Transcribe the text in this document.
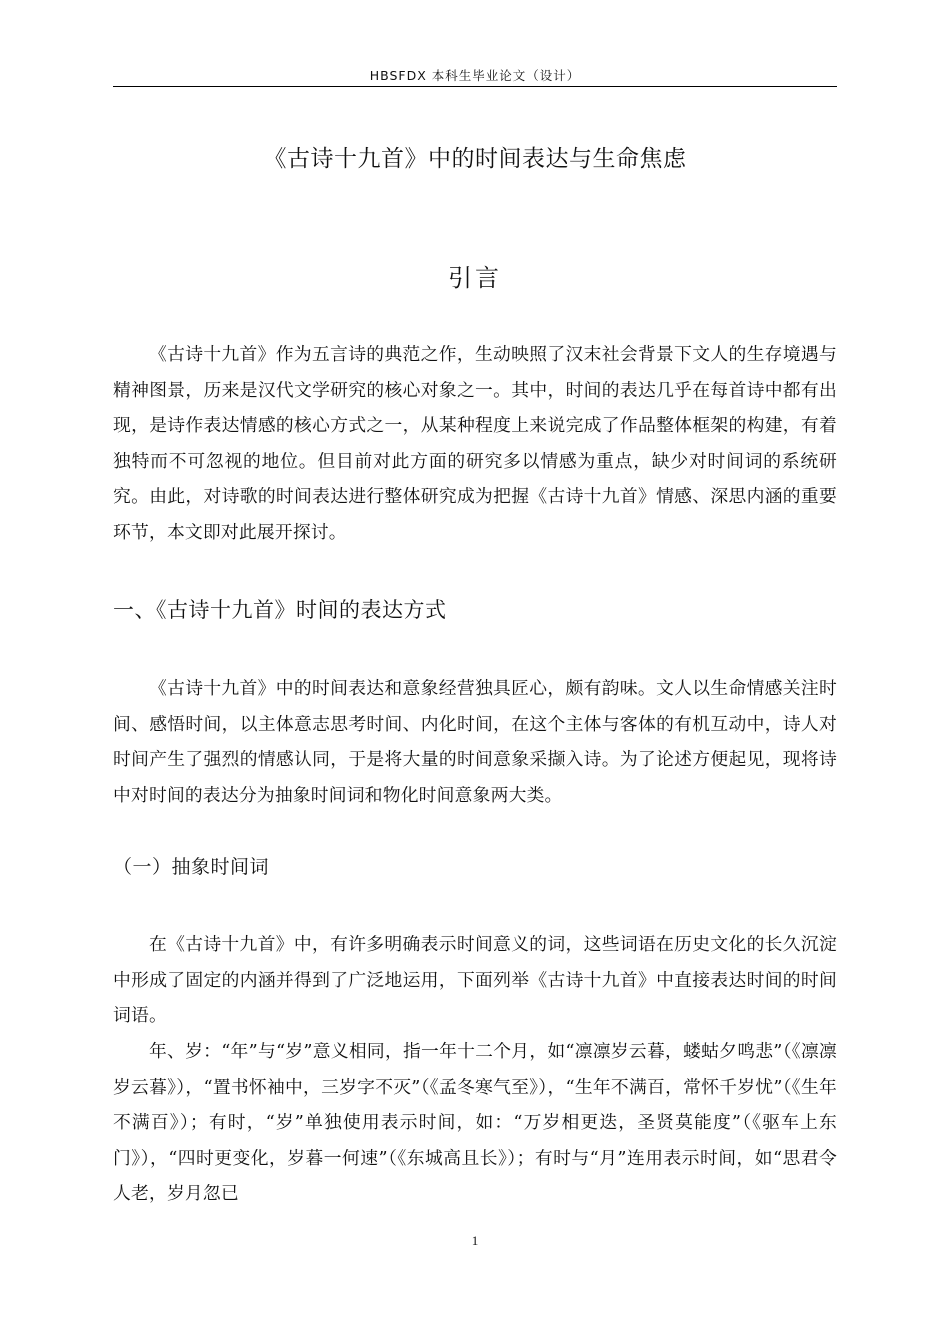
HBSFDX 本科生毕业论文（设计）
《古诗十九首》中的时间表达与生命焦虑
引言

《古诗十九首》作为五言诗的典范之作，生动映照了汉末社会背景下文人的生存境遇与精神图景，历来是汉代文学研究的核心对象之一。其中，时间的表达几乎在每首诗中都有出现，是诗作表达情感的核心方式之一，从某种程度上来说完成了作品整体框架的构建，有着独特而不可忽视的地位。但目前对此方面的研究多以情感为重点，缺少对时间词的系统研究。由此，对诗歌的时间表达进行整体研究成为把握《古诗十九首》情感、深思内涵的重要环节，本文即对此展开探讨。

一、《古诗十九首》时间的表达方式

《古诗十九首》中的时间表达和意象经营独具匠心，颇有韵味。文人以生命情感关注时间、感悟时间，以主体意志思考时间、内化时间，在这个主体与客体的有机互动中，诗人对时间产生了强烈的情感认同，于是将大量的时间意象采撷入诗。为了论述方便起见，现将诗中对时间的表达分为抽象时间词和物化时间意象两大类。

（一）抽象时间词

在《古诗十九首》中，有许多明确表示时间意义的词，这些词语在历史文化的长久沉淀中形成了固定的内涵并得到了广泛地运用，下面列举《古诗十九首》中直接表达时间的时间词语。

年、岁：“年”与“岁”意义相同，指一年十二个月，如“凛凛岁云暮，蝼蛄夕鸣悲”（《凛凛岁云暮》），“置书怀袖中，三岁字不灭”（《孟冬寒气至》），“生年不满百，常怀千岁忧”（《生年不满百》）；有时，“岁”单独使用表示时间，如：“万岁相更迭，圣贤莫能度”（《驱车上东门》），“四时更变化，岁暮一何速”（《东城高且长》）；有时与“月”连用表示时间，如“思君令人老，岁月忽已

1
